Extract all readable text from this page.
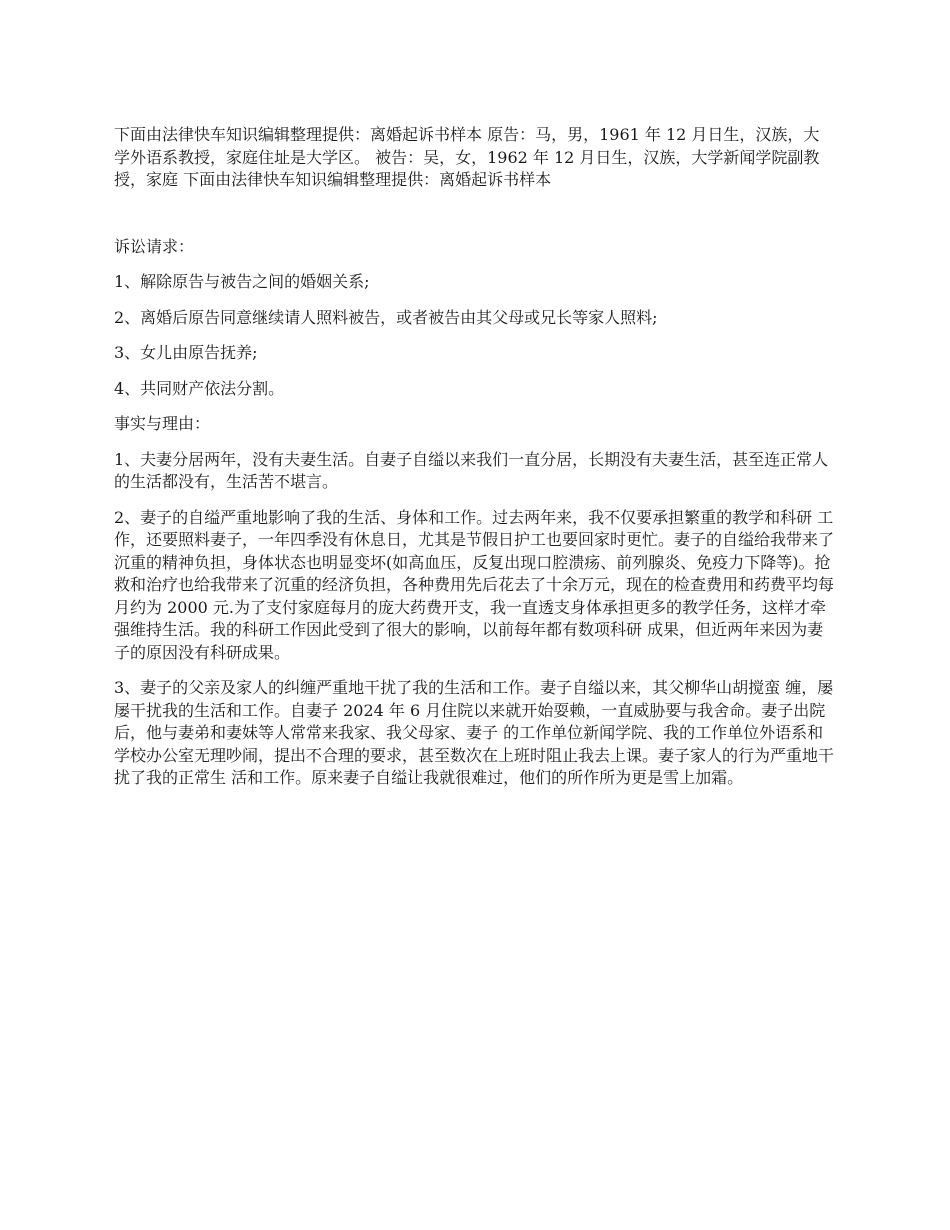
下面由法律快车知识编辑整理提供：离婚起诉书样本 原告：马，男，1961 年 12 月日生，汉族，大学外语系教授，家庭住址是大学区。 被告：吴，女，1962 年 12 月日生，汉族，大学新闻学院副教授，家庭 下面由法律快车知识编辑整理提供：离婚起诉书样本

诉讼请求：

1、解除原告与被告之间的婚姻关系;

2、离婚后原告同意继续请人照料被告，或者被告由其父母或兄长等家人照料;

3、女儿由原告抚养;

4、共同财产依法分割。

事实与理由：

1、夫妻分居两年，没有夫妻生活。自妻子自缢以来我们一直分居，长期没有夫妻生活，甚至连正常人的生活都没有，生活苦不堪言。

2、妻子的自缢严重地影响了我的生活、身体和工作。过去两年来，我不仅要承担繁重的教学和科研 工作，还要照料妻子，一年四季没有休息日，尤其是节假日护工也要回家时更忙。妻子的自缢给我带来了沉重的精神负担，身体状态也明显变坏(如高血压，反复出现口腔溃疡、前列腺炎、免疫力下降等)。抢救和治疗也给我带来了沉重的经济负担，各种费用先后花去了十余万元，现在的检查费用和药费平均每月约为 2000 元.为了支付家庭每月的庞大药费开支，我一直透支身体承担更多的教学任务，这样才牵强维持生活。我的科研工作因此受到了很大的影响，以前每年都有数项科研 成果，但近两年来因为妻子的原因没有科研成果。

3、妻子的父亲及家人的纠缠严重地干扰了我的生活和工作。妻子自缢以来，其父柳华山胡搅蛮 缠，屡屡干扰我的生活和工作。自妻子 2024 年 6 月住院以来就开始耍赖，一直威胁要与我舍命。妻子出院后，他与妻弟和妻妹等人常常来我家、我父母家、妻子 的工作单位新闻学院、我的工作单位外语系和学校办公室无理吵闹，提出不合理的要求，甚至数次在上班时阻止我去上课。妻子家人的行为严重地干扰了我的正常生 活和工作。原来妻子自缢让我就很难过，他们的所作所为更是雪上加霜。
